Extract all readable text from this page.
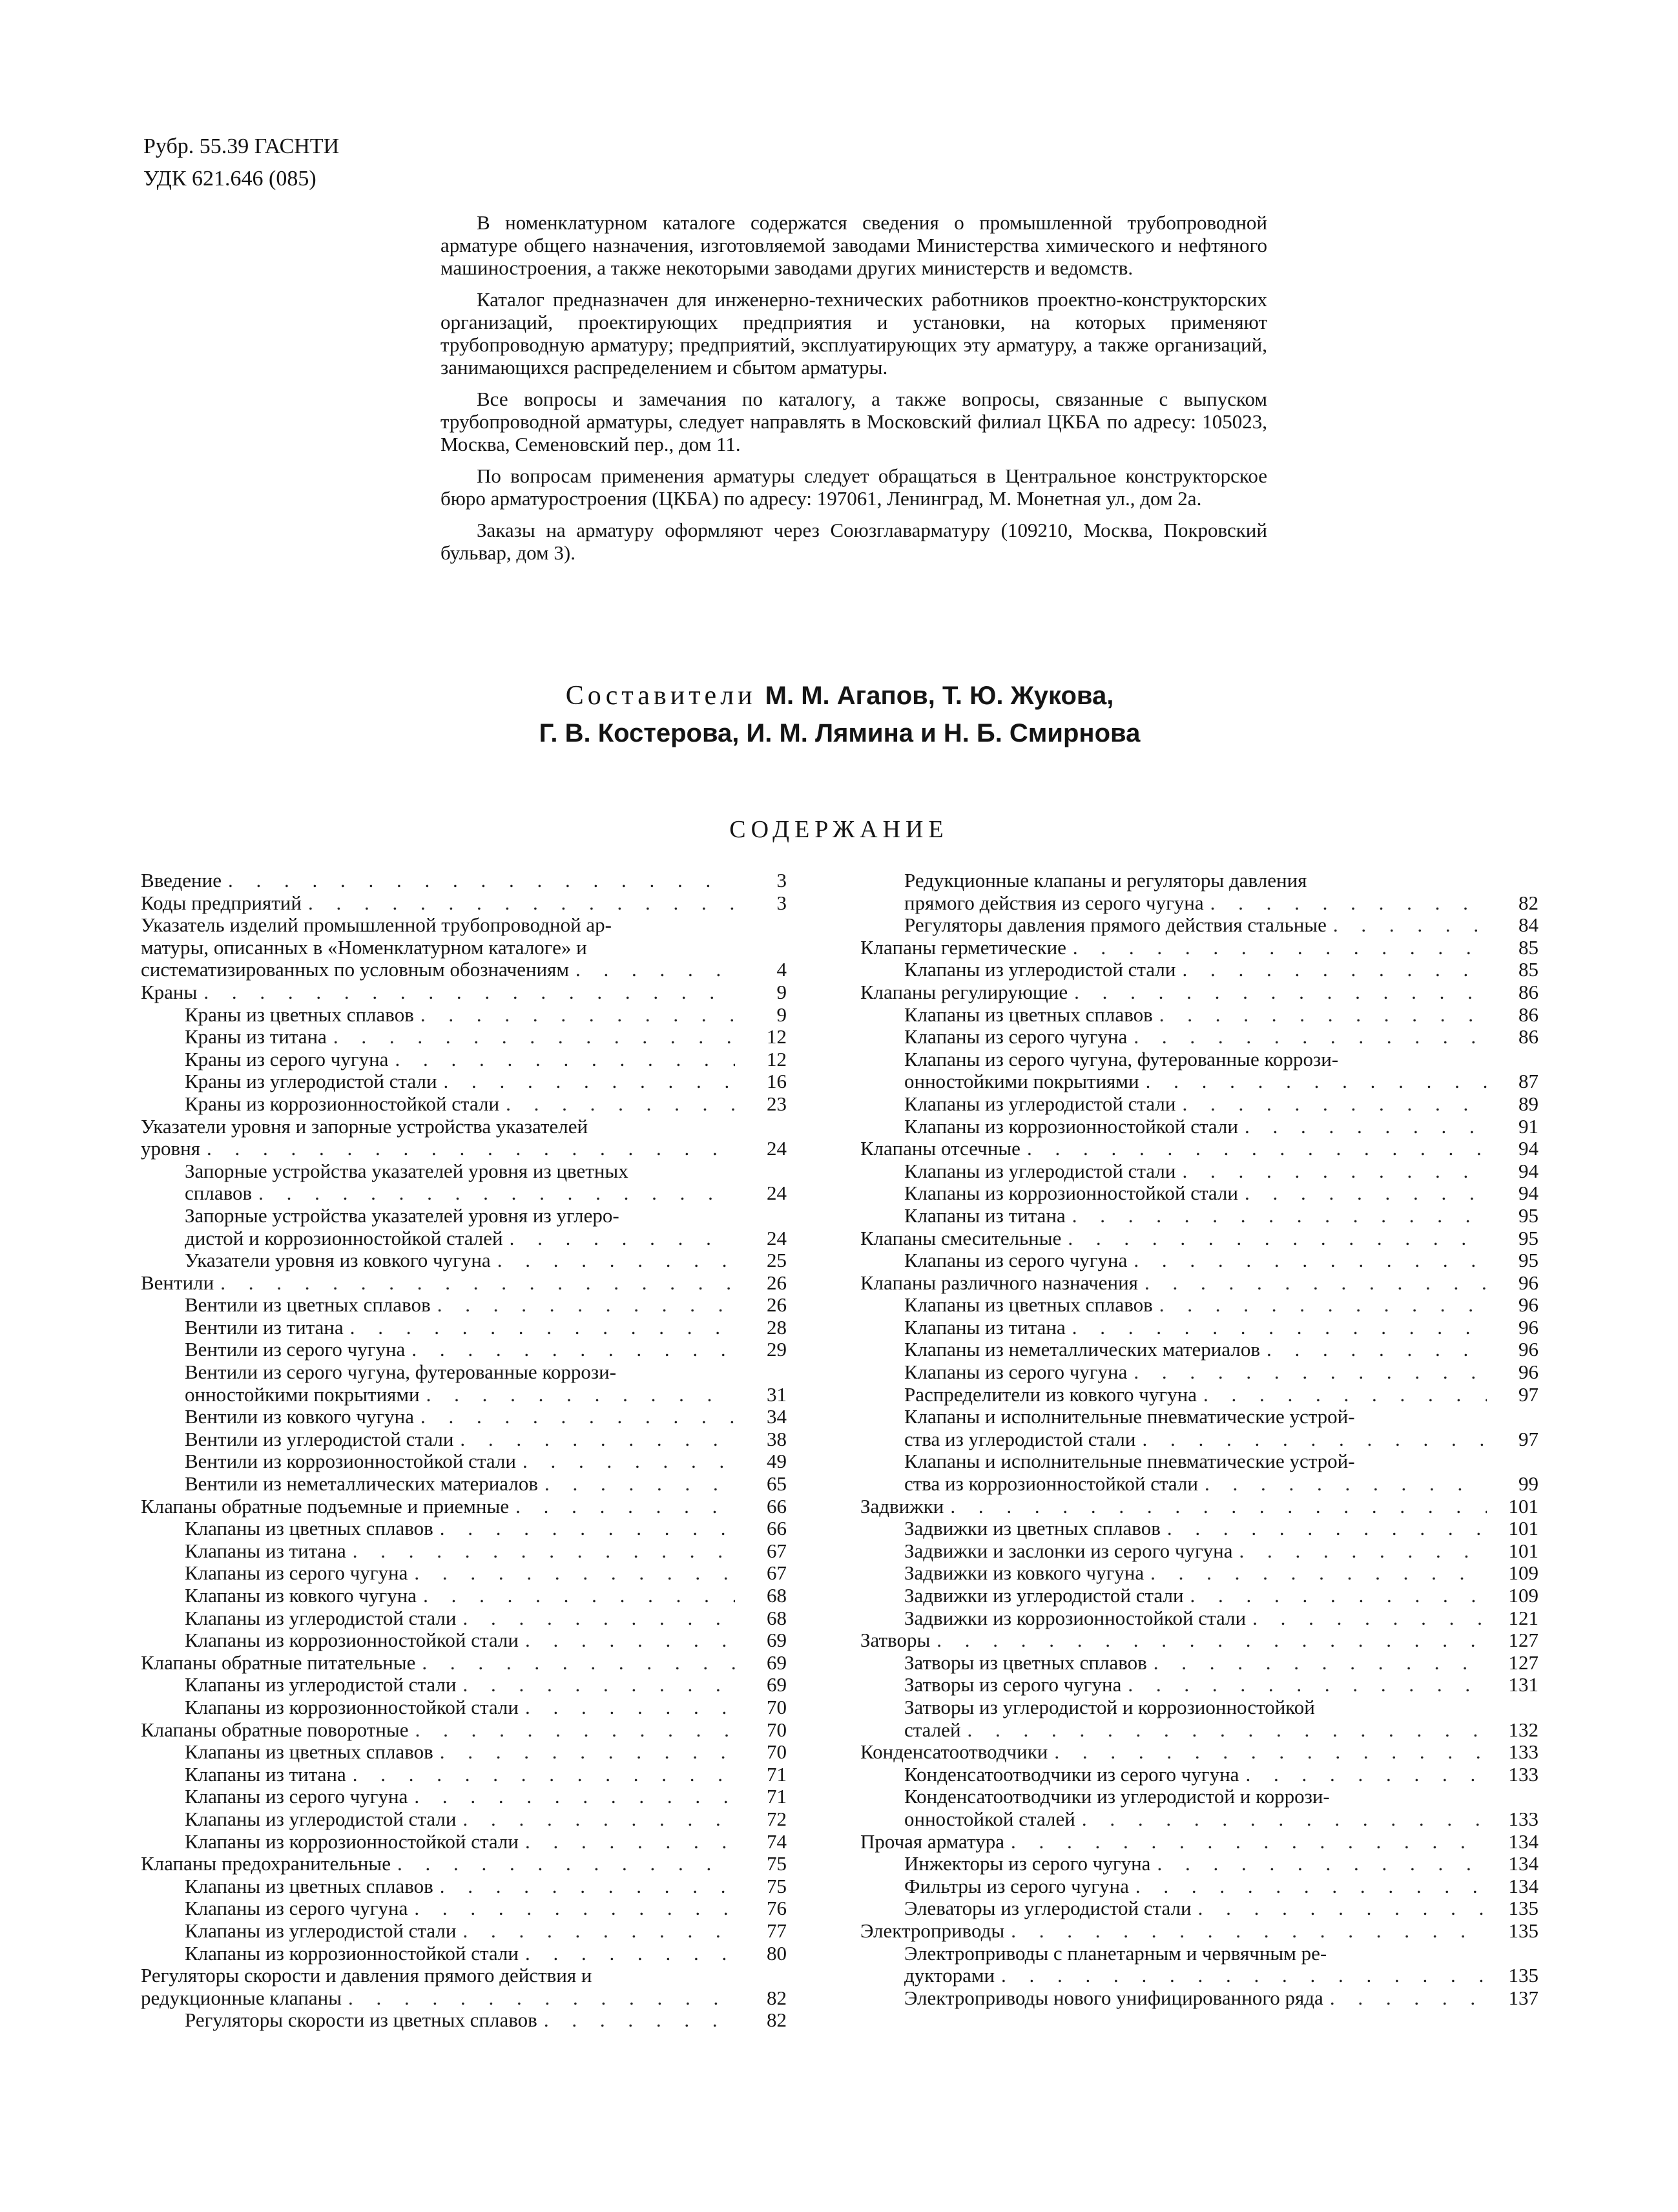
Рубр. 55.39 ГАСНТИ
УДК 621.646 (085)

В номенклатурном каталоге содержатся сведения о промышленной трубопроводной арматуре общего назначения, изготовляемой заводами Министерства химического и нефтяного машиностроения, а также некоторыми заводами других министерств и ведомств.

Каталог предназначен для инженерно-технических работников проектно-конструкторских организаций, проектирующих предприятия и установки, на которых применяют трубопроводную арматуру; предприятий, эксплуатирующих эту арматуру, а также организаций, занимающихся распределением и сбытом арматуры.

Все вопросы и замечания по каталогу, а также вопросы, связанные с выпуском трубопроводной арматуры, следует направлять в Московский филиал ЦКБА по адресу: 105023, Москва, Семеновский пер., дом 11.

По вопросам применения арматуры следует обращаться в Центральное конструкторское бюро арматуростроения (ЦКБА) по адресу: 197061, Ленинград, М. Монетная ул., дом 2а.

Заказы на арматуру оформляют через Союзглавармaтуру (109210, Москва, Покровский бульвар, дом 3).

Составители М. М. Агапов, Т. Ю. Жукова,
Г. В. Костерова, И. М. Лямина и Н. Б. Смирнова
СОДЕРЖАНИЕ
Введение . . .	3
Коды предприятий . . .	3
Указатель изделий промышленной трубопроводной ар-
матуры, описанных в «Номенклатурном каталоге» и
систематизированных по условным обозначениям . . .	4
Краны . . .	9
Краны из цветных сплавов . . .	9
Краны из титана . . .	12
Краны из серого чугуна . . .	12
Краны из углеродистой стали . . .	16
Краны из коррозионностойкой стали . . .	23
Указатели уровня и запорные устройства указателей
уровня . . .	24
Запорные устройства указателей уровня из цветных
сплавов . . .	24
Запорные устройства указателей уровня из углеро-
дистой и коррозионностойкой сталей . . .	24
Указатели уровня из ковкого чугуна . . .	25
Вентили . . .	26
Вентили из цветных сплавов . . .	26
Вентили из титана . . .	28
Вентили из серого чугуна . . .	29
Вентили из серого чугуна, футерованные коррози-
онностойкими покрытиями . . .	31
Вентили из ковкого чугуна . . .	34
Вентили из углеродистой стали . . .	38
Вентили из коррозионностойкой стали . . .	49
Вентили из неметаллических материалов . . .	65
Клапаны обратные подъемные и приемные . . .	66
Клапаны из цветных сплавов . . .	66
Клапаны из титана . . .	67
Клапаны из серого чугуна . . .	67
Клапаны из ковкого чугуна . . .	68
Клапаны из углеродистой стали . . .	68
Клапаны из коррозионностойкой стали . . .	69
Клапаны обратные питательные . . .	69
Клапаны из углеродистой стали . . .	69
Клапаны из коррозионностойкой стали . . .	70
Клапаны обратные поворотные . . .	70
Клапаны из цветных сплавов . . .	70
Клапаны из титана . . .	71
Клапаны из серого чугуна . . .	71
Клапаны из углеродистой стали . . .	72
Клапаны из коррозионностойкой стали . . .	74
Клапаны предохранительные . . .	75
Клапаны из цветных сплавов . . .	75
Клапаны из серого чугуна . . .	76
Клапаны из углеродистой стали . . .	77
Клапаны из коррозионностойкой стали . . .	80
Регуляторы скорости и давления прямого действия и
редукционные клапаны . . .	82
Регуляторы скорости из цветных сплавов . . .	82
Редукционные клапаны и регуляторы давления
прямого действия из серого чугуна . . .	82
Регуляторы давления прямого действия стальные . . .	84
Клапаны герметические . . .	85
Клапаны из углеродистой стали . . .	85
Клапаны регулирующие . . .	86
Клапаны из цветных сплавов . . .	86
Клапаны из серого чугуна . . .	86
Клапаны из серого чугуна, футерованные коррози-
онностойкими покрытиями . . .	87
Клапаны из углеродистой стали . . .	89
Клапаны из коррозионностойкой стали . . .	91
Клапаны отсечные . . .	94
Клапаны из углеродистой стали . . .	94
Клапаны из коррозионностойкой стали . . .	94
Клапаны из титана . . .	95
Клапаны смесительные . . .	95
Клапаны из серого чугуна . . .	95
Клапаны различного назначения . . .	96
Клапаны из цветных сплавов . . .	96
Клапаны из титана . . .	96
Клапаны из неметаллических материалов . . .	96
Клапаны из серого чугуна . . .	96
Распределители из ковкого чугуна . . .	97
Клапаны и исполнительные пневматические устрой-
ства из углеродистой стали . . .	97
Клапаны и исполнительные пневматические устрой-
ства из коррозионностойкой стали . . .	99
Задвижки . . .	101
Задвижки из цветных сплавов . . .	101
Задвижки и заслонки из серого чугуна . . .	101
Задвижки из ковкого чугуна . . .	109
Задвижки из углеродистой стали . . .	109
Задвижки из коррозионностойкой стали . . .	121
Затворы . . .	127
Затворы из цветных сплавов . . .	127
Затворы из серого чугуна . . .	131
Затворы из углеродистой и коррозионностойкой
сталей . . .	132
Конденсатоотводчики . . .	133
Конденсатоотводчики из серого чугуна . . .	133
Конденсатоотводчики из углеродистой и коррози-
онностойкой сталей . . .	133
Прочая арматура . . .	134
Инжекторы из серого чугуна . . .	134
Фильтры из серого чугуна . . .	134
Элеваторы из углеродистой стали . . .	135
Электроприводы . . .	135
Электроприводы с планетарным и червячным ре-
дукторами . . .	135
Электроприводы нового унифицированного ряда . . .	137
